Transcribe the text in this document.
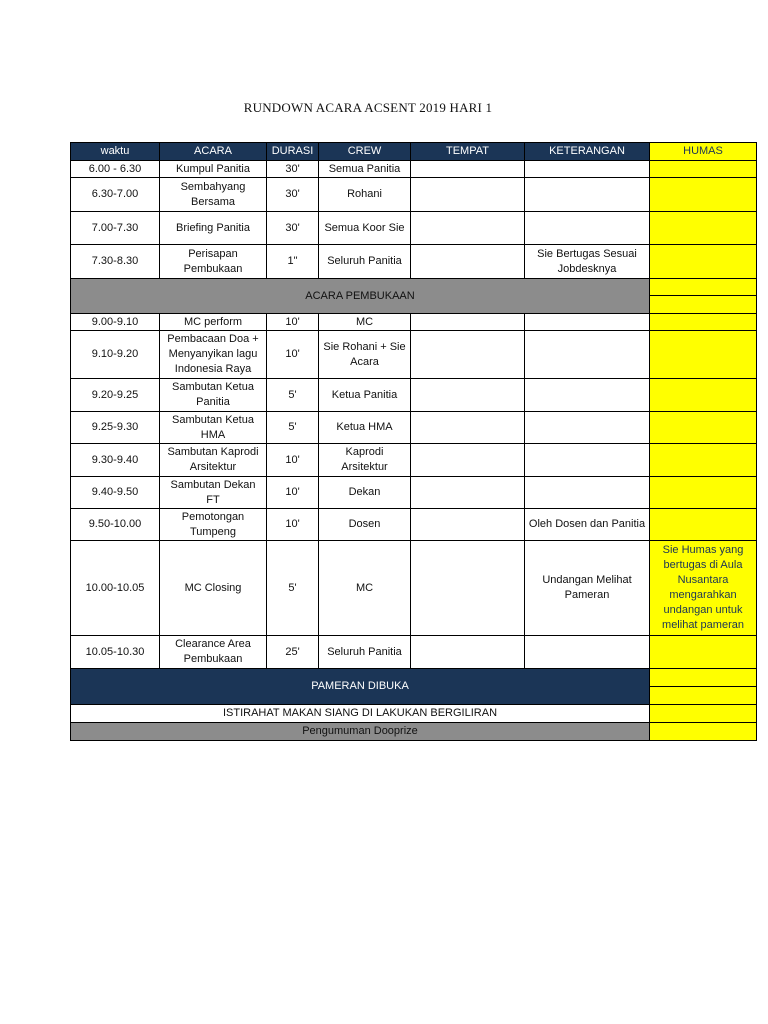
RUNDOWN ACARA ACSENT 2019 HARI 1
waktu	ACARA	DURASI	CREW	TEMPAT	KETERANGAN	HUMAS
6.00 - 6.30	Kumpul Panitia	30'	Semua Panitia			
6.30-7.00	Sembahyang Bersama	30'	Rohani			
7.00-7.30	Briefing Panitia	30'	Semua Koor Sie			
7.30-8.30	Perisapan Pembukaan	1"	Seluruh Panitia		Sie Bertugas Sesuai Jobdesknya	
ACARA PEMBUKAAN						

9.00-9.10	MC perform	10'	MC			
9.10-9.20	Pembacaan Doa + Menyanyikan lagu Indonesia Raya	10'	Sie Rohani + Sie Acara			
9.20-9.25	Sambutan Ketua Panitia	5'	Ketua Panitia			
9.25-9.30	Sambutan Ketua HMA	5'	Ketua HMA			
9.30-9.40	Sambutan Kaprodi Arsitektur	10'	Kaprodi Arsitektur			
9.40-9.50	Sambutan Dekan FT	10'	Dekan			
9.50-10.00	Pemotongan Tumpeng	10'	Dosen		Oleh Dosen dan Panitia	
10.00-10.05	MC Closing	5'	MC		Undangan Melihat Pameran	Sie Humas yang bertugas di Aula Nusantara mengarahkan undangan untuk melihat pameran
10.05-10.30	Clearance Area Pembukaan	25'	Seluruh Panitia			
PAMERAN DIBUKA						

ISTIRAHAT MAKAN SIANG DI LAKUKAN BERGILIRAN						
Pengumuman Dooprize						
